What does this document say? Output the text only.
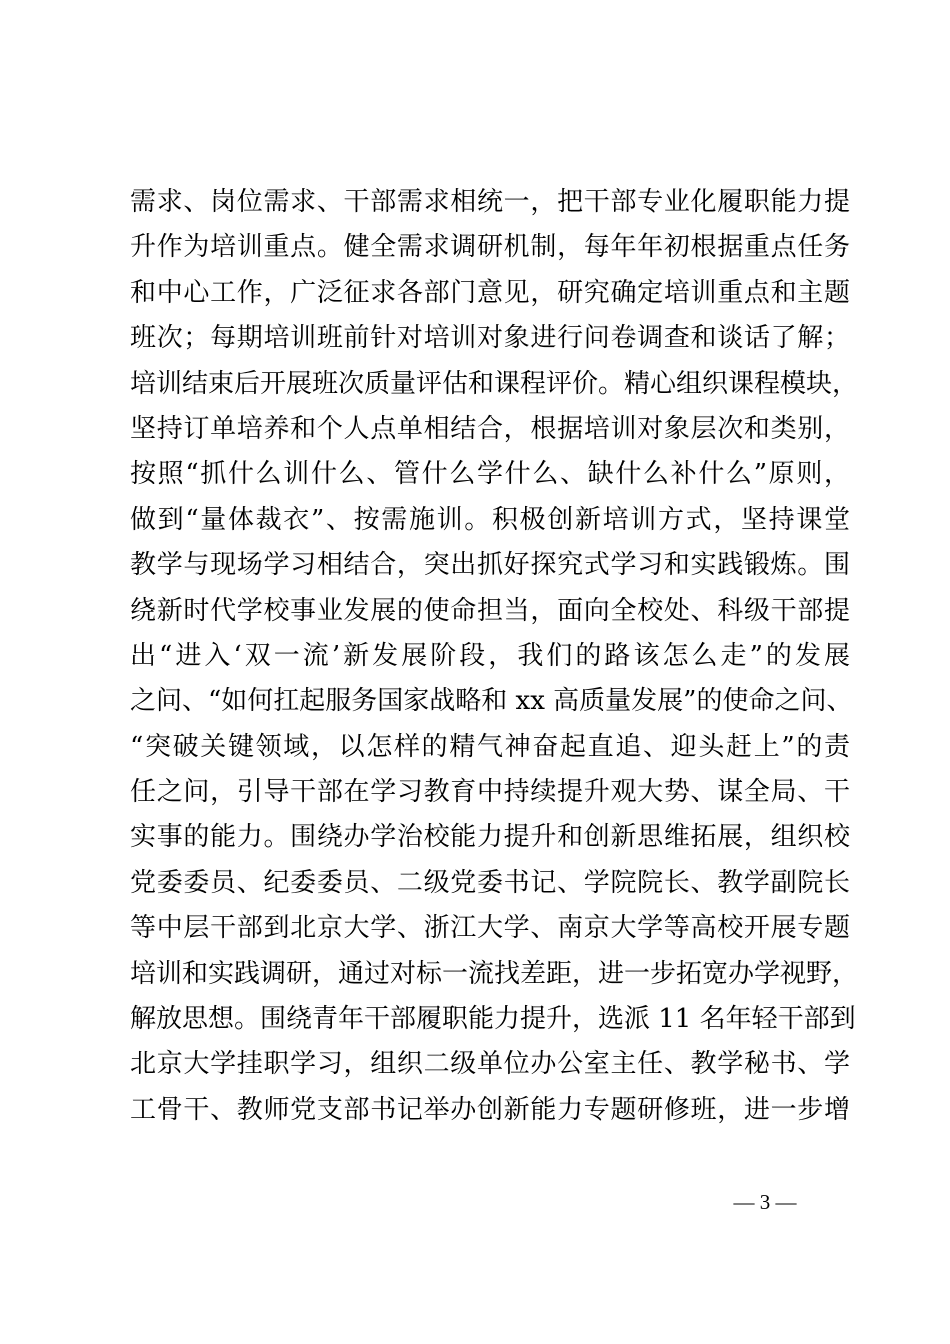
需求、岗位需求、干部需求相统一，把干部专业化履职能力提
升作为培训重点。健全需求调研机制，每年年初根据重点任务
和中心工作，广泛征求各部门意见，研究确定培训重点和主题
班次；每期培训班前针对培训对象进行问卷调查和谈话了解；
培训结束后开展班次质量评估和课程评价。精心组织课程模块，
坚持订单培养和个人点单相结合，根据培训对象层次和类别，
按照“抓什么训什么、管什么学什么、缺什么补什么”原则，
做到“量体裁衣”、按需施训。积极创新培训方式，坚持课堂
教学与现场学习相结合，突出抓好探究式学习和实践锻炼。围
绕新时代学校事业发展的使命担当，面向全校处、科级干部提
出“进入‘双一流’新发展阶段，我们的路该怎么走”的发展
之问、“如何扛起服务国家战略和 xx 高质量发展”的使命之问、
“突破关键领域，以怎样的精气神奋起直追、迎头赶上”的责
任之问，引导干部在学习教育中持续提升观大势、谋全局、干
实事的能力。围绕办学治校能力提升和创新思维拓展，组织校
党委委员、纪委委员、二级党委书记、学院院长、教学副院长
等中层干部到北京大学、浙江大学、南京大学等高校开展专题
培训和实践调研，通过对标一流找差距，进一步拓宽办学视野，
解放思想。围绕青年干部履职能力提升，选派 11 名年轻干部到
北京大学挂职学习，组织二级单位办公室主任、教学秘书、学
工骨干、教师党支部书记举办创新能力专题研修班，进一步增
— 3 —
